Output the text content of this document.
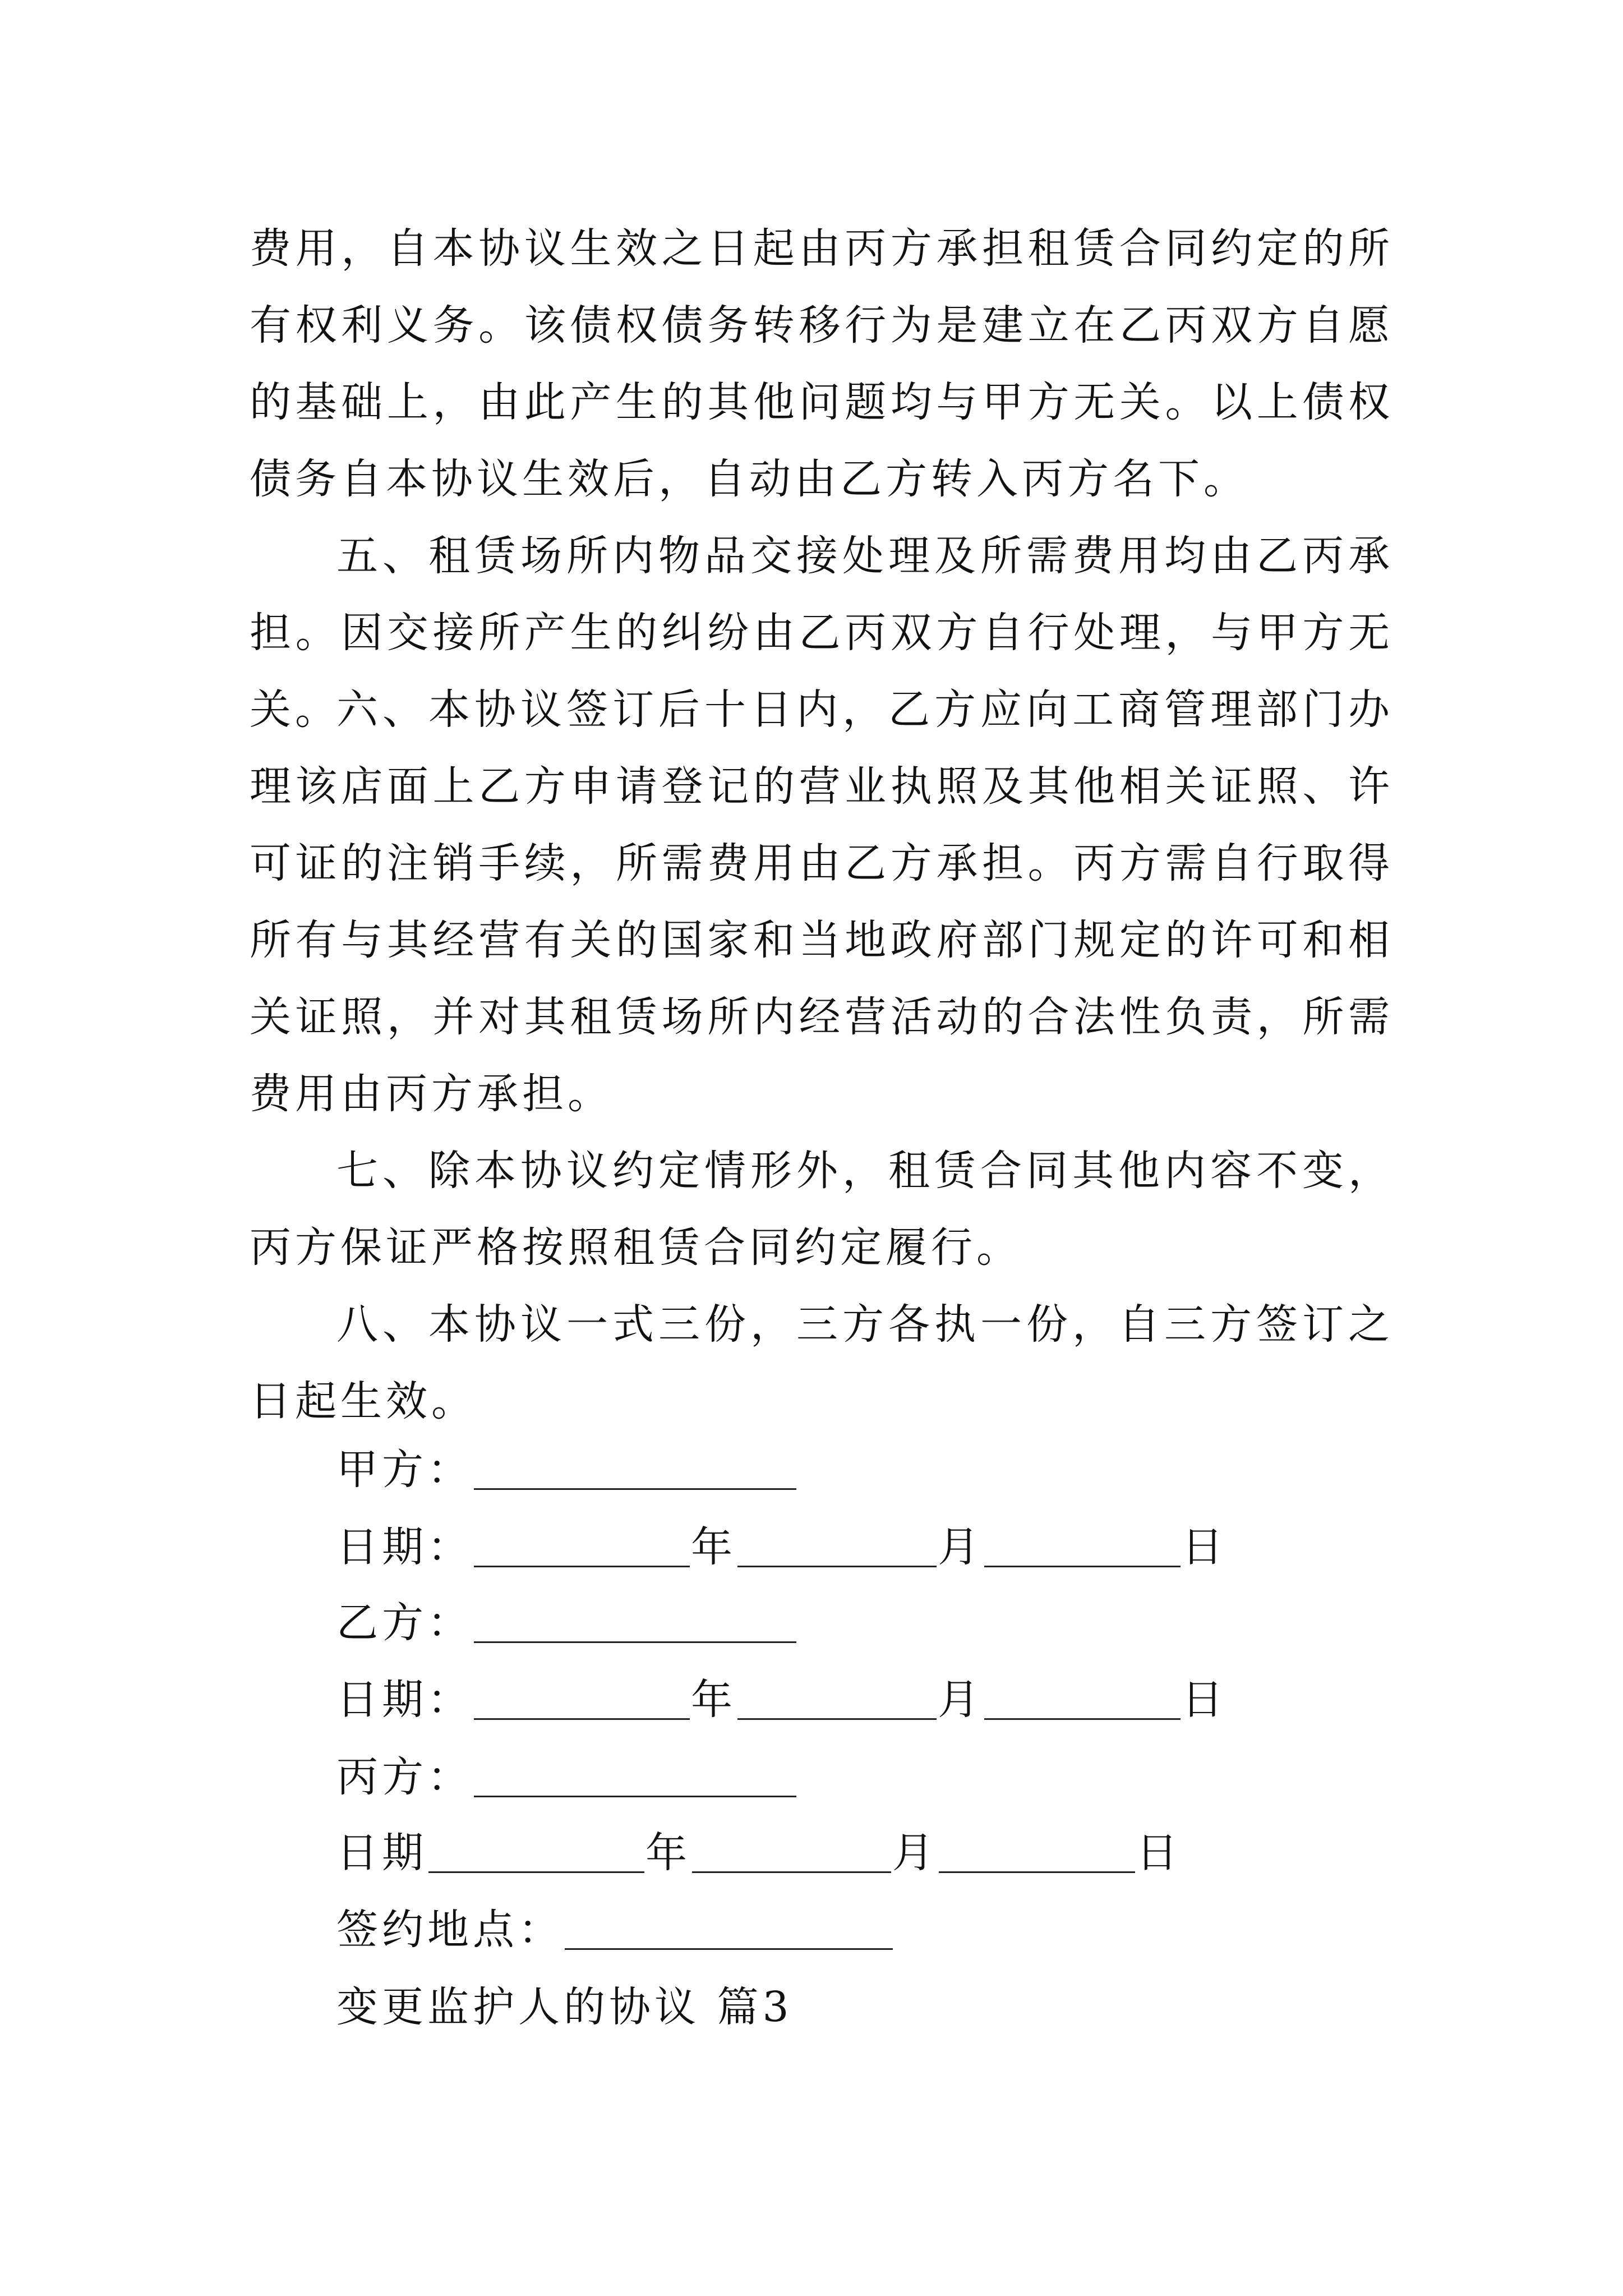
费用，自本协议生效之日起由丙方承担租赁合同约定的所有权利义务。该债权债务转移行为是建立在乙丙双方自愿的基础上，由此产生的其他问题均与甲方无关。以上债权债务自本协议生效后，自动由乙方转入丙方名下。

五、租赁场所内物品交接处理及所需费用均由乙丙承担。因交接所产生的纠纷由乙丙双方自行处理，与甲方无关。

六、本协议签订后十日内，乙方应向工商管理部门办理该店面上乙方申请登记的营业执照及其他相关证照、许可证的注销手续，所需费用由乙方承担。丙方需自行取得所有与其经营有关的国家和当地政府部门规定的许可和相关证照，并对其租赁场所内经营活动的合法性负责，所需费用由丙方承担。

七、除本协议约定情形外，租赁合同其他内容不变，丙方保证严格按照租赁合同约定履行。

八、本协议一式三份，三方各执一份，自三方签订之日起生效。

甲方：
日期：	年	月	日
乙方：
日期：	年	月	日
丙方：
日期	年	月	日
签约地点：
变更监护人的协议 篇3
